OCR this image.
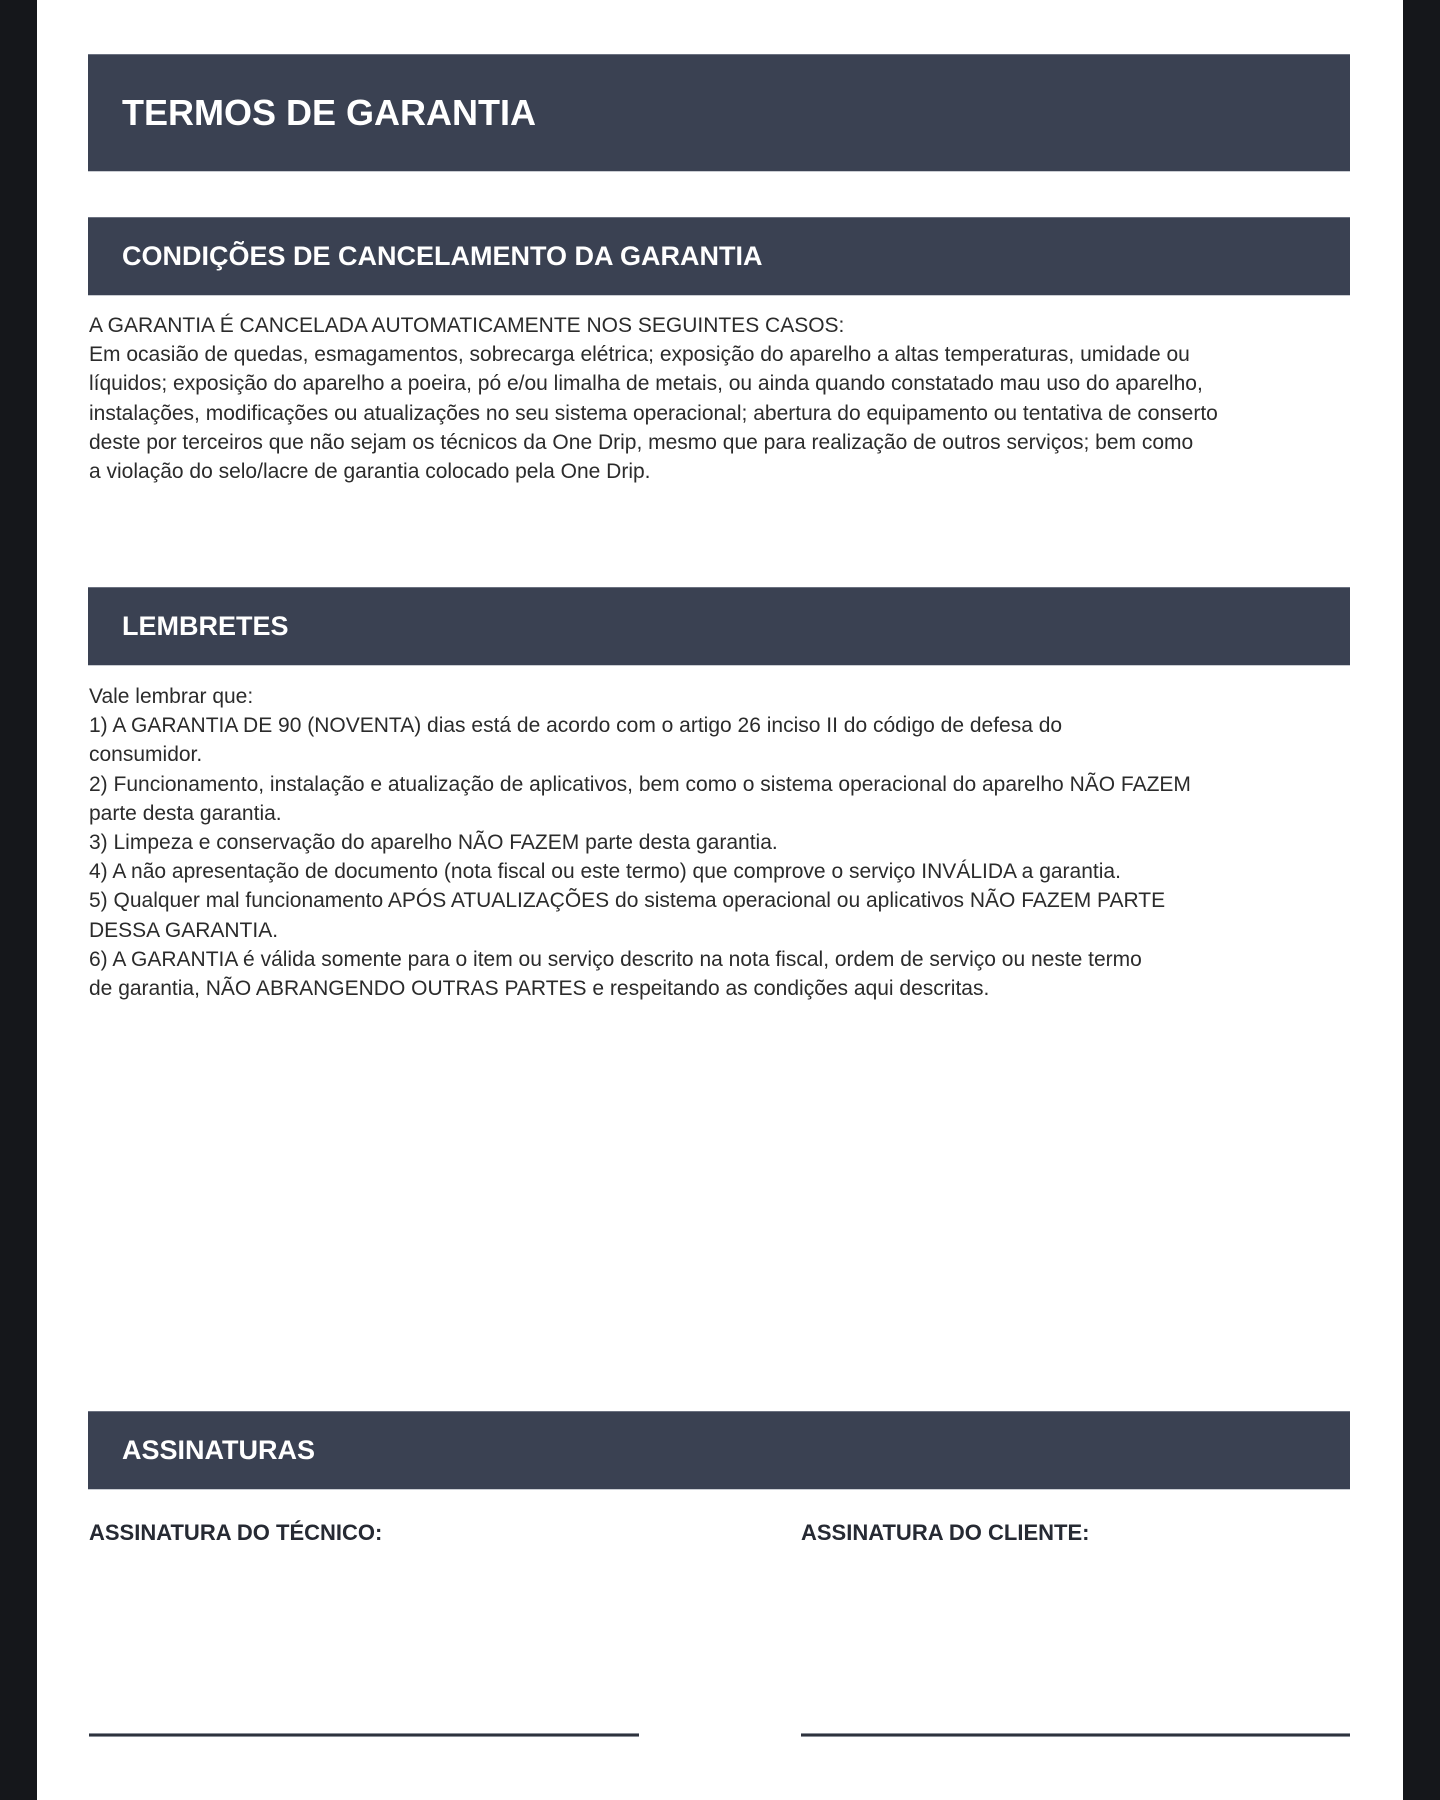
TERMOS DE GARANTIA
CONDIÇÕES DE CANCELAMENTO DA GARANTIA

A GARANTIA É CANCELADA AUTOMATICAMENTE NOS SEGUINTES CASOS:

Em ocasião de quedas, esmagamentos, sobrecarga elétrica; exposição do aparelho a altas temperaturas, umidade ou

líquidos; exposição do aparelho a poeira, pó e/ou limalha de metais, ou ainda quando constatado mau uso do aparelho,

instalações, modificações ou atualizações no seu sistema operacional; abertura do equipamento ou tentativa de conserto

deste por terceiros que não sejam os técnicos da One Drip, mesmo que para realização de outros serviços; bem como

a violação do selo/lacre de garantia colocado pela One Drip.

LEMBRETES

Vale lembrar que:

1) A GARANTIA DE 90 (NOVENTA) dias está de acordo com o artigo 26 inciso II do código de defesa do

consumidor.

2) Funcionamento, instalação e atualização de aplicativos, bem como o sistema operacional do aparelho NÃO FAZEM

parte desta garantia.

3) Limpeza e conservação do aparelho NÃO FAZEM parte desta garantia.

4) A não apresentação de documento (nota fiscal ou este termo) que comprove o serviço INVÁLIDA a garantia.

5) Qualquer mal funcionamento APÓS ATUALIZAÇÕES do sistema operacional ou aplicativos NÃO FAZEM PARTE

DESSA GARANTIA.

6) A GARANTIA é válida somente para o item ou serviço descrito na nota fiscal, ordem de serviço ou neste termo

de garantia, NÃO ABRANGENDO OUTRAS PARTES e respeitando as condições aqui descritas.

ASSINATURAS
ASSINATURA DO TÉCNICO:	ASSINATURA DO CLIENTE:
